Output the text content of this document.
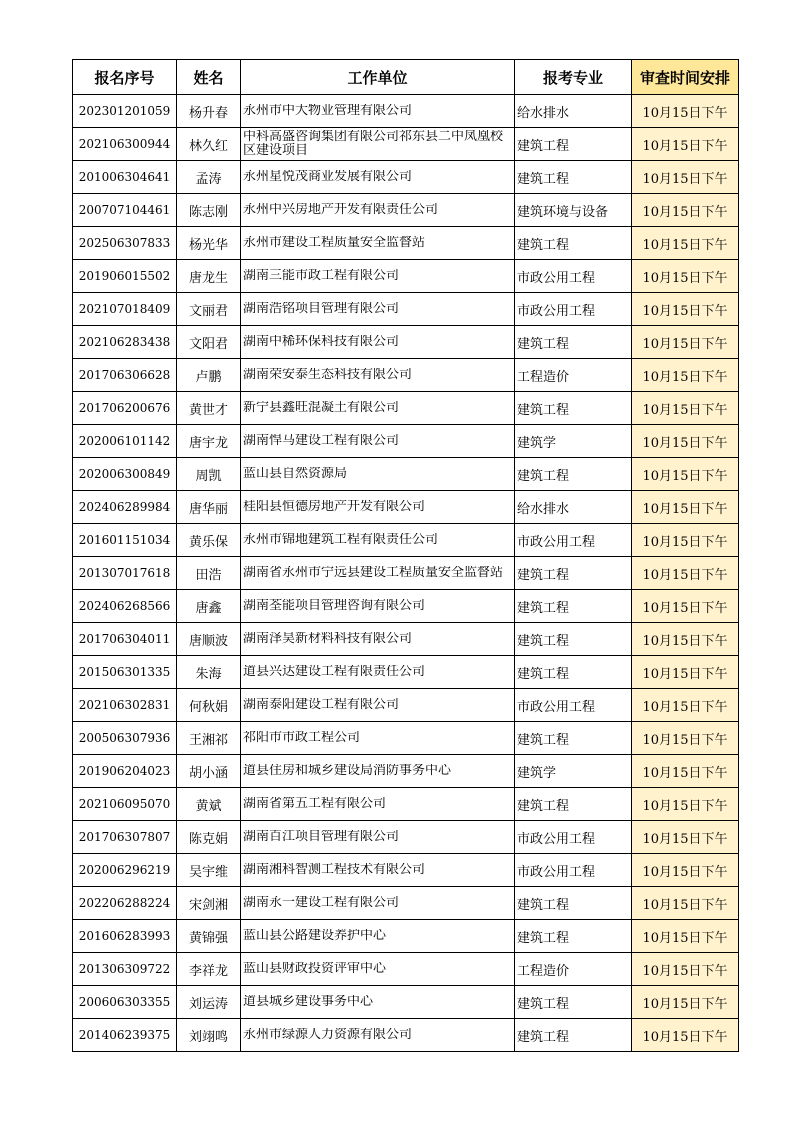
报名序号	姓名	工作单位	报考专业	审查时间安排
202301201059	杨升春	永州市中大物业管理有限公司	给水排水	10月15日下午
202106300944	林久红	中科高盛咨询集团有限公司祁东县二中凤凰校区建设项目	建筑工程	10月15日下午
201006304641	孟涛	永州星悦茂商业发展有限公司	建筑工程	10月15日下午
200707104461	陈志刚	永州中兴房地产开发有限责任公司	建筑环境与设备	10月15日下午
202506307833	杨光华	永州市建设工程质量安全监督站	建筑工程	10月15日下午
201906015502	唐龙生	湖南三能市政工程有限公司	市政公用工程	10月15日下午
202107018409	文丽君	湖南浩铭项目管理有限公司	市政公用工程	10月15日下午
202106283438	文阳君	湖南中稀环保科技有限公司	建筑工程	10月15日下午
201706306628	卢鹏	湖南荣安泰生态科技有限公司	工程造价	10月15日下午
201706200676	黄世才	新宁县鑫旺混凝土有限公司	建筑工程	10月15日下午
202006101142	唐宇龙	湖南悍马建设工程有限公司	建筑学	10月15日下午
202006300849	周凯	蓝山县自然资源局	建筑工程	10月15日下午
202406289984	唐华丽	桂阳县恒德房地产开发有限公司	给水排水	10月15日下午
201601151034	黄乐保	永州市锦地建筑工程有限责任公司	市政公用工程	10月15日下午
201307017618	田浩	湖南省永州市宁远县建设工程质量安全监督站	建筑工程	10月15日下午
202406268566	唐鑫	湖南荃能项目管理咨询有限公司	建筑工程	10月15日下午
201706304011	唐顺波	湖南泽昊新材料科技有限公司	建筑工程	10月15日下午
201506301335	朱海	道县兴达建设工程有限责任公司	建筑工程	10月15日下午
202106302831	何秋娟	湖南泰阳建设工程有限公司	市政公用工程	10月15日下午
200506307936	王湘祁	祁阳市市政工程公司	建筑工程	10月15日下午
201906204023	胡小涵	道县住房和城乡建设局消防事务中心	建筑学	10月15日下午
202106095070	黄斌	湖南省第五工程有限公司	建筑工程	10月15日下午
201706307807	陈克娟	湖南百江项目管理有限公司	市政公用工程	10月15日下午
202006296219	吴宇维	湖南湘科智测工程技术有限公司	市政公用工程	10月15日下午
202206288224	宋剑湘	湖南永一建设工程有限公司	建筑工程	10月15日下午
201606283993	黄锦强	蓝山县公路建设养护中心	建筑工程	10月15日下午
201306309722	李祥龙	蓝山县财政投资评审中心	工程造价	10月15日下午
200606303355	刘运涛	道县城乡建设事务中心	建筑工程	10月15日下午
201406239375	刘翊鸣	永州市绿源人力资源有限公司	建筑工程	10月15日下午
